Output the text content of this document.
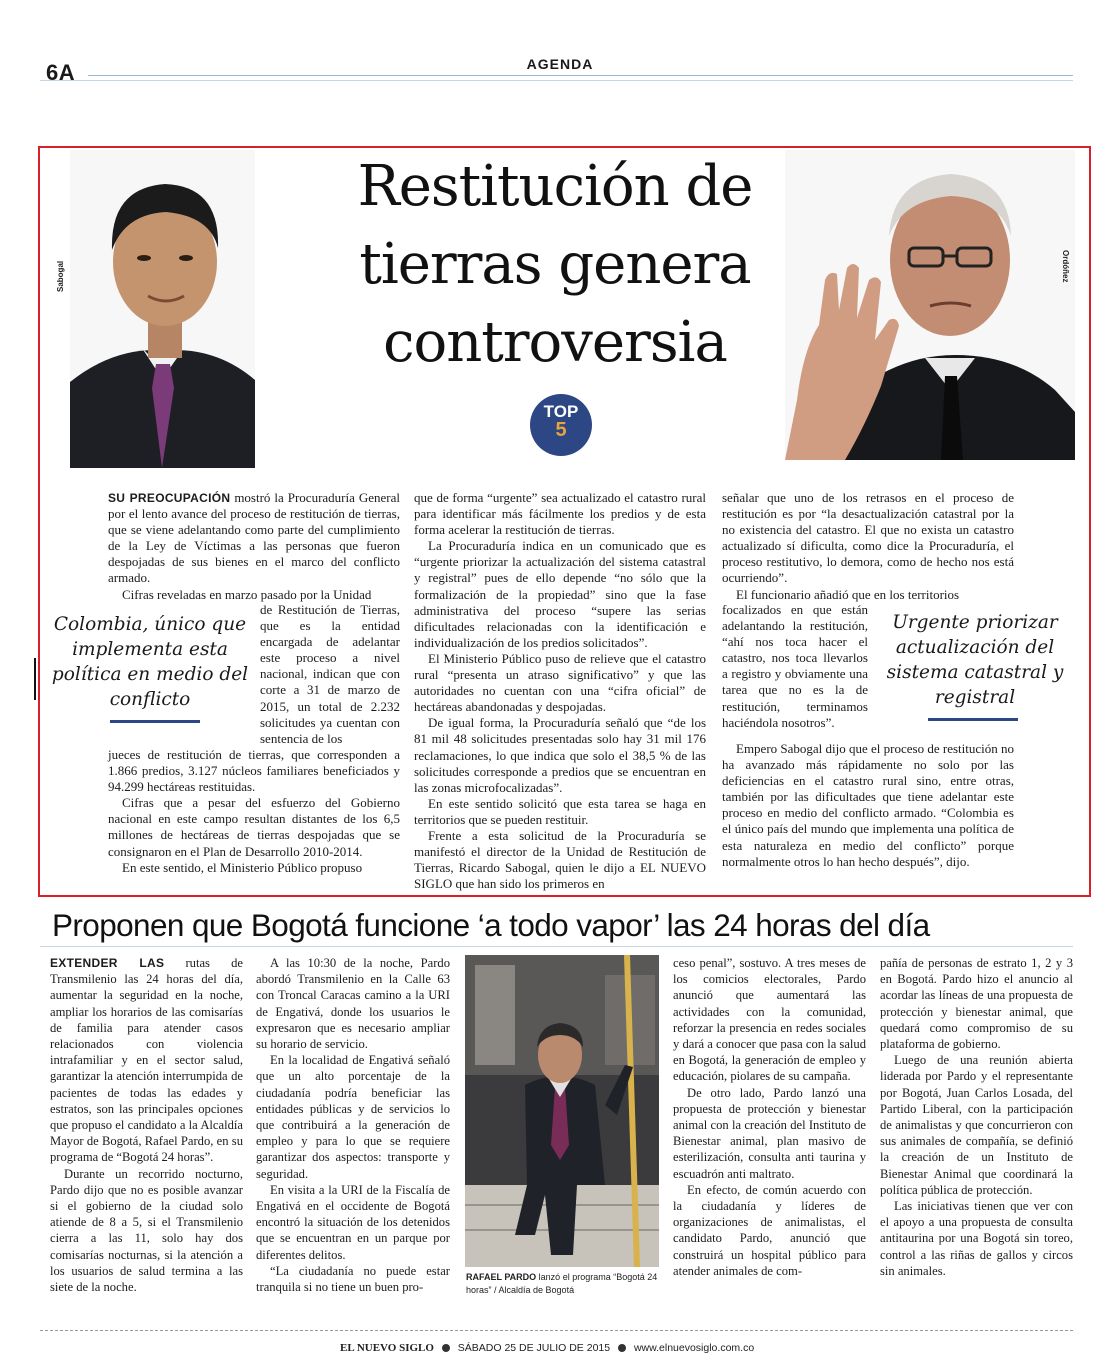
6A	AGENDA
Restitución de tierras genera controversia
Sabogal	Ordóñez
TOP
5

SU PREOCUPACIÓN mostró la Procuraduría General por el lento avance del proceso de restitución de tierras, que se viene adelantando como parte del cumplimiento de la Ley de Víctimas a las personas que fueron despojadas de sus bienes en el marco del conflicto armado.

Cifras reveladas en marzo pasado por la Unidad

de Restitución de Tierras, que es la entidad encargada de adelantar este proceso a nivel nacional, indican que con corte a 31 de marzo de 2015, un total de 2.232 solicitudes ya cuentan con sentencia de los

jueces de restitución de tierras, que corresponden a 1.866 predios, 3.127 núcleos familiares beneficiados y 94.299 hectáreas restituidas.

Cifras que a pesar del esfuerzo del Gobierno nacional en este campo resultan distantes de los 6,5 millones de hectáreas de tierras despojadas que se consignaron en el Plan de Desarrollo 2010-2014.

En este sentido, el Ministerio Público propuso

Colombia, único que implementa esta política en medio del conflicto

que de forma “urgente” sea actualizado el catastro rural para identificar más fácilmente los predios y de esta forma acelerar la restitución de tierras.

La Procuraduría indica en un comunicado que es “urgente priorizar la actualización del sistema catastral y registral” pues de ello depende “no sólo que la formalización de la propiedad” sino que la fase administrativa del proceso “supere las serias dificultades relacionadas con la identificación e individualización de los predios solicitados”.

El Ministerio Público puso de relieve que el catastro rural “presenta un atraso significativo” y que las autoridades no cuentan con una “cifra oficial” de hectáreas abandonadas y despojadas.

De igual forma, la Procuraduría señaló que “de los 81 mil 48 solicitudes presentadas solo hay 31 mil 176 reclamaciones, lo que indica que solo el 38,5 % de las solicitudes corresponde a predios que se encuentran en las zonas microfocalizadas”.

En este sentido solicitó que esta tarea se haga en territorios que se pueden restituir.

Frente a esta solicitud de la Procuraduría se manifestó el director de la Unidad de Restitución de Tierras, Ricardo Sabogal, quien le dijo a EL NUEVO SIGLO que han sido los primeros en

señalar que uno de los retrasos en el proceso de restitución es por “la desactualización catastral por la no existencia del catastro. El que no exista un catastro actualizado sí dificulta, como dice la Procuraduría, el proceso restitutivo, lo demora, como de hecho nos está ocurriendo”.

El funcionario añadió que en los territorios

focalizados en que están adelantando la restitución, “ahí nos toca hacer el catastro, nos toca llevarlos a registro y obviamente una tarea que no es la de restitución, terminamos haciéndola nosotros”.

Empero Sabogal dijo que el proceso de restitución no ha avanzado más rápidamente no solo por las deficiencias en el catastro rural sino, entre otras, también por las dificultades que tiene adelantar este proceso en medio del conflicto armado. “Colombia es el único país del mundo que implementa una política de esta naturaleza en medio del conflicto” porque normalmente otros lo han hecho después”, dijo.

Urgente priorizar actualización del sistema catastral y registral
Proponen que Bogotá funcione ‘a todo vapor’ las 24 horas del día

EXTENDER LAS rutas de Transmilenio las 24 horas del día, aumentar la seguridad en la noche, ampliar los horarios de las comisarías de familia para atender casos relacionados con violencia intrafamiliar y en el sector salud, garantizar la atención interrumpida de pacientes de todas las edades y estratos, son las principales opciones que propuso el candidato a la Alcaldía Mayor de Bogotá, Rafael Pardo, en su programa de “Bogotá 24 horas”.

Durante un recorrido nocturno, Pardo dijo que no es posible avanzar si el gobierno de la ciudad solo atiende de 8 a 5, si el Transmilenio cierra a las 11, solo hay dos comisarías nocturnas, si la atención a los usuarios de salud termina a las siete de la noche.

A las 10:30 de la noche, Pardo abordó Transmilenio en la Calle 63 con Troncal Caracas camino a la URI de Engativá, donde los usuarios le expresaron que es necesario ampliar su horario de servicio.

En la localidad de Engativá señaló que un alto porcentaje de la ciudadanía podría beneficiar las entidades públicas y de servicios lo que contribuirá a la generación de empleo y para lo que se requiere garantizar dos aspectos: transporte y seguridad.

En visita a la URI de la Fiscalía de Engativá en el occidente de Bogotá encontró la situación de los detenidos que se encuentran en un parque por diferentes delitos.

“La ciudadanía no puede estar tranquila si no tiene un buen pro-

RAFAEL PARDO lanzó el programa “Bogotá 24 horas” / Alcaldía de Bogotá

ceso penal”, sostuvo. A tres meses de los comicios electorales, Pardo anunció que aumentará las actividades con la comunidad, reforzar la presencia en redes sociales y dará a conocer que pasa con la salud en Bogotá, la generación de empleo y educación, piolares de su campaña.

De otro lado, Pardo lanzó una propuesta de protección y bienestar animal con la creación del Instituto de Bienestar animal, plan masivo de esterilización, consulta anti taurina y escuadrón anti maltrato.

En efecto, de común acuerdo con la ciudadanía y líderes de organizaciones de animalistas, el candidato Pardo, anunció que construirá un hospital público para atender animales de com-

pañía de personas de estrato 1, 2 y 3 en Bogotá. Pardo hizo el anuncio al acordar las líneas de una propuesta de protección y bienestar animal, que quedará como compromiso de su plataforma de gobierno.

Luego de una reunión abierta liderada por Pardo y el representante por Bogotá, Juan Carlos Losada, del Partido Liberal, con la participación de animalistas y que concurrieron con sus animales de compañía, se definió la creación de un Instituto de Bienestar Animal que coordinará la política pública de protección.

Las iniciativas tienen que ver con el apoyo a una propuesta de consulta antitaurina por una Bogotá sin toreo, control a las riñas de gallos y circos sin animales.

EL NUEVO SIGLO SÁBADO 25 DE JULIO DE 2015 www.elnuevosiglo.com.co
